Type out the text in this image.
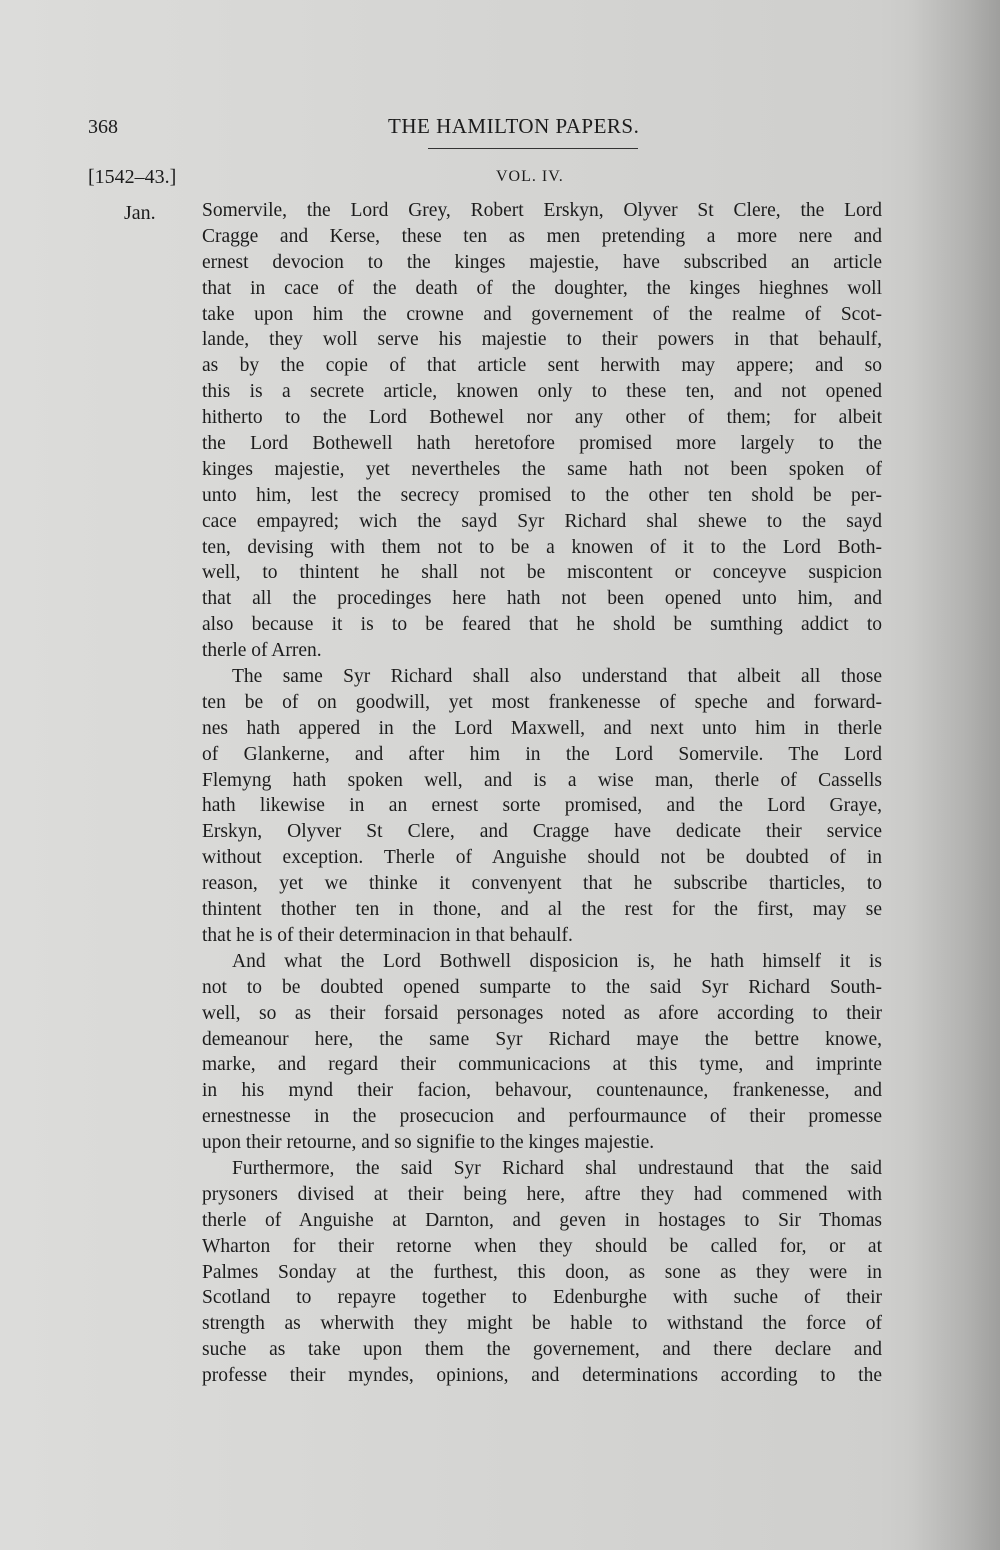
368	THE HAMILTON PAPERS.
[1542–43.]	VOL. IV.
Jan. Somervile, the Lord Grey, Robert Erskyn, Olyver St Clere, the Lord
Cragge and Kerse, these ten as men pretending a more nere and
ernest devocion to the kinges majestie, have subscribed an article
that in cace of the death of the doughter, the kinges hieghnes woll
take upon him the crowne and governement of the realme of Scot-
lande, they woll serve his majestie to their powers in that behaulf,
as by the copie of that article sent herwith may appere; and so
this is a secrete article, knowen only to these ten, and not opened
hitherto to the Lord Bothewel nor any other of them; for albeit
the Lord Bothewell hath heretofore promised more largely to the
kinges majestie, yet nevertheles the same hath not been spoken of
unto him, lest the secrecy promised to the other ten shold be per-
cace empayred; wich the sayd Syr Richard shal shewe to the sayd
ten, devising with them not to be a knowen of it to the Lord Both-
well, to thintent he shall not be miscontent or conceyve suspicion
that all the procedinges here hath not been opened unto him, and
also because it is to be feared that he shold be sumthing addict to
therle of Arren.
The same Syr Richard shall also understand that albeit all those
ten be of on goodwill, yet most frankenesse of speche and forward-
nes hath appered in the Lord Maxwell, and next unto him in therle
of Glankerne, and after him in the Lord Somervile. The Lord
Flemyng hath spoken well, and is a wise man, therle of Cassells
hath likewise in an ernest sorte promised, and the Lord Graye,
Erskyn, Olyver St Clere, and Cragge have dedicate their service
without exception. Therle of Anguishe should not be doubted of in
reason, yet we thinke it convenyent that he subscribe tharticles, to
thintent thother ten in thone, and al the rest for the first, may se
that he is of their determinacion in that behaulf.
And what the Lord Bothwell disposicion is, he hath himself it is
not to be doubted opened sumparte to the said Syr Richard South-
well, so as their forsaid personages noted as afore according to their
demeanour here, the same Syr Richard maye the bettre knowe,
marke, and regard their communicacions at this tyme, and imprinte
in his mynd their facion, behavour, countenaunce, frankenesse, and
ernestnesse in the prosecucion and perfourmaunce of their promesse
upon their retourne, and so signifie to the kinges majestie.
Furthermore, the said Syr Richard shal undrestaund that the said
prysoners divised at their being here, aftre they had commened with
therle of Anguishe at Darnton, and geven in hostages to Sir Thomas
Wharton for their retorne when they should be called for, or at
Palmes Sonday at the furthest, this doon, as sone as they were in
Scotland to repayre together to Edenburghe with suche of their
strength as wherwith they might be hable to withstand the force of
suche as take upon them the governement, and there declare and
professe their myndes, opinions, and determinations according to the
